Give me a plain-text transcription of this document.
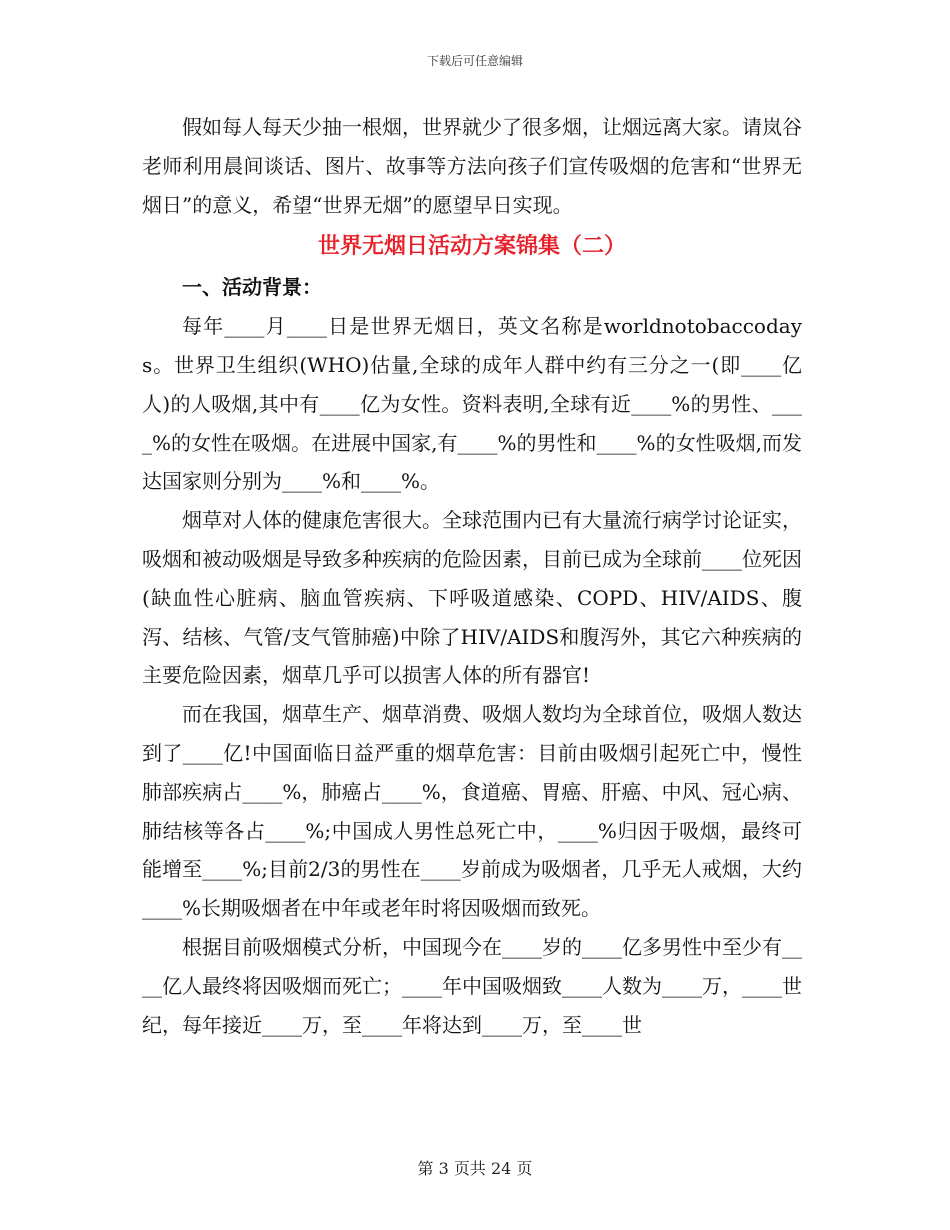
下载后可任意编辑

假如每人每天少抽一根烟，世界就少了很多烟，让烟远离大家。请岚谷老师利用晨间谈话、图片、故事等方法向孩子们宣传吸烟的危害和“世界无烟日”的意义，希望“世界无烟”的愿望早日实现。

世界无烟日活动方案锦集（二）
一、活动背景：

每年____月____日是世界无烟日，英文名称是worldnotobaccodays。世界卫生组织(WHO)估量,全球的成年人群中约有三分之一(即____亿人)的人吸烟,其中有____亿为女性。资料表明,全球有近____%的男性、____%的女性在吸烟。在进展中国家,有____%的男性和____%的女性吸烟,而发达国家则分别为____%和____%。

烟草对人体的健康危害很大。全球范围内已有大量流行病学讨论证实，吸烟和被动吸烟是导致多种疾病的危险因素，目前已成为全球前____位死因(缺血性心脏病、脑血管疾病、下呼吸道感染、COPD、HIV/AIDS、腹泻、结核、气管/支气管肺癌)中除了HIV/AIDS和腹泻外，其它六种疾病的主要危险因素，烟草几乎可以损害人体的所有器官!

而在我国，烟草生产、烟草消费、吸烟人数均为全球首位，吸烟人数达到了____亿!中国面临日益严重的烟草危害：目前由吸烟引起死亡中，慢性肺部疾病占____%，肺癌占____%，食道癌、胃癌、肝癌、中风、冠心病、肺结核等各占____%;中国成人男性总死亡中，____%归因于吸烟，最终可能增至____%;目前2/3的男性在____岁前成为吸烟者，几乎无人戒烟，大约____%长期吸烟者在中年或老年时将因吸烟而致死。

根据目前吸烟模式分析，中国现今在____岁的____亿多男性中至少有____亿人最终将因吸烟而死亡；____年中国吸烟致____人数为____万，____世纪，每年接近____万，至____年将达到____万，至____世

第 3 页共 24 页
